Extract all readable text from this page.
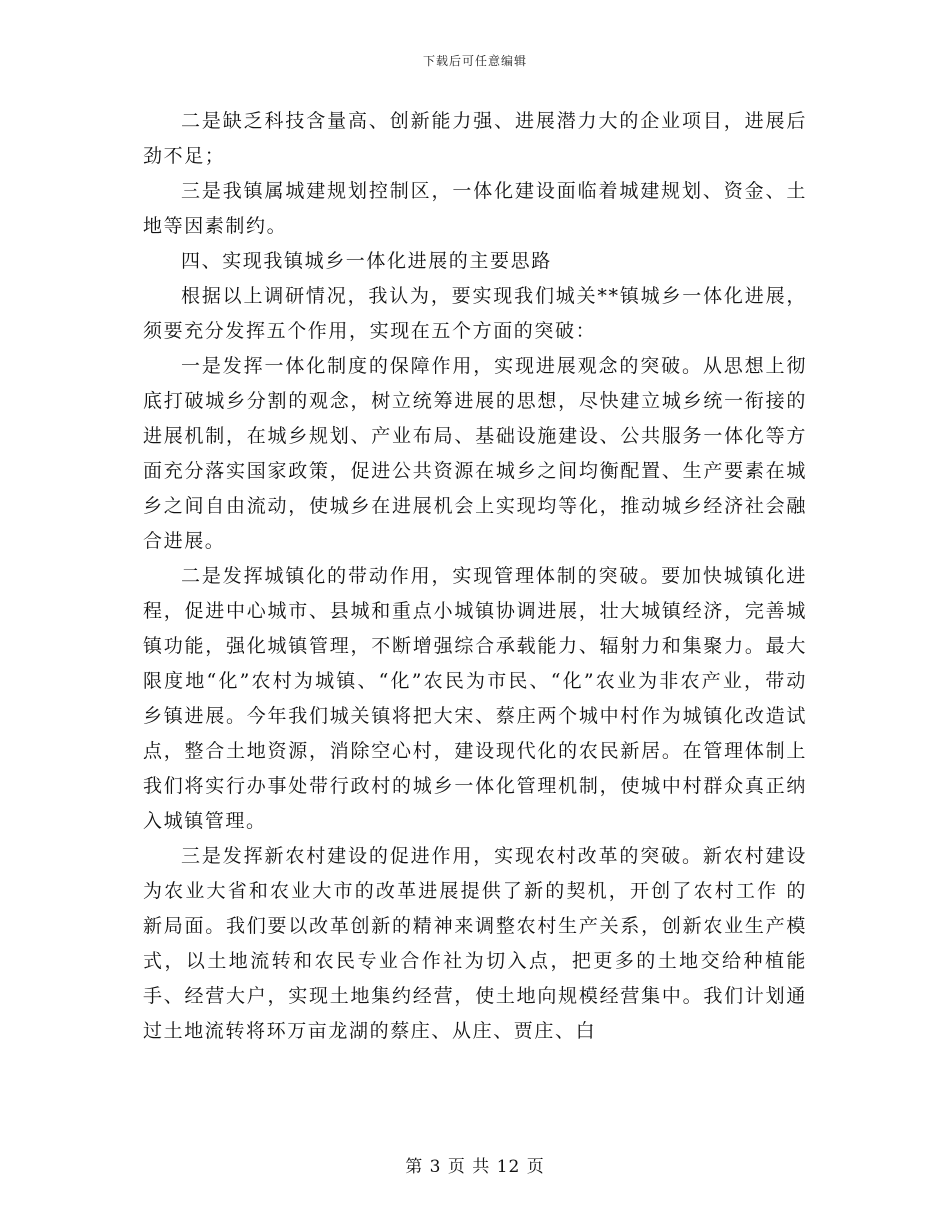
下载后可任意编辑

二是缺乏科技含量高、创新能力强、进展潜力大的企业项目，进展后劲不足；

三是我镇属城建规划控制区，一体化建设面临着城建规划、资金、土地等因素制约。

四、实现我镇城乡一体化进展的主要思路

根据以上调研情况，我认为，要实现我们城关**镇城乡一体化进展，须要充分发挥五个作用，实现在五个方面的突破：

一是发挥一体化制度的保障作用，实现进展观念的突破。从思想上彻底打破城乡分割的观念，树立统筹进展的思想，尽快建立城乡统一衔接的进展机制，在城乡规划、产业布局、基础设施建设、公共服务一体化等方面充分落实国家政策，促进公共资源在城乡之间均衡配置、生产要素在城乡之间自由流动，使城乡在进展机会上实现均等化，推动城乡经济社会融合进展。

二是发挥城镇化的带动作用，实现管理体制的突破。要加快城镇化进程，促进中心城市、县城和重点小城镇协调进展，壮大城镇经济，完善城镇功能，强化城镇管理，不断增强综合承载能力、辐射力和集聚力。最大限度地“化”农村为城镇、“化”农民为市民、“化”农业为非农产业，带动乡镇进展。今年我们城关镇将把大宋、蔡庄两个城中村作为城镇化改造试点，整合土地资源，消除空心村，建设现代化的农民新居。在管理体制上我们将实行办事处带行政村的城乡一体化管理机制，使城中村群众真正纳入城镇管理。

三是发挥新农村建设的促进作用，实现农村改革的突破。新农村建设为农业大省和农业大市的改革进展提供了新的契机，开创了农村工作 的新局面。我们要以改革创新的精神来调整农村生产关系，创新农业生产模式，以土地流转和农民专业合作社为切入点，把更多的土地交给种植能手、经营大户，实现土地集约经营，使土地向规模经营集中。我们计划通过土地流转将环万亩龙湖的蔡庄、从庄、贾庄、白

第 3 页 共 12 页
